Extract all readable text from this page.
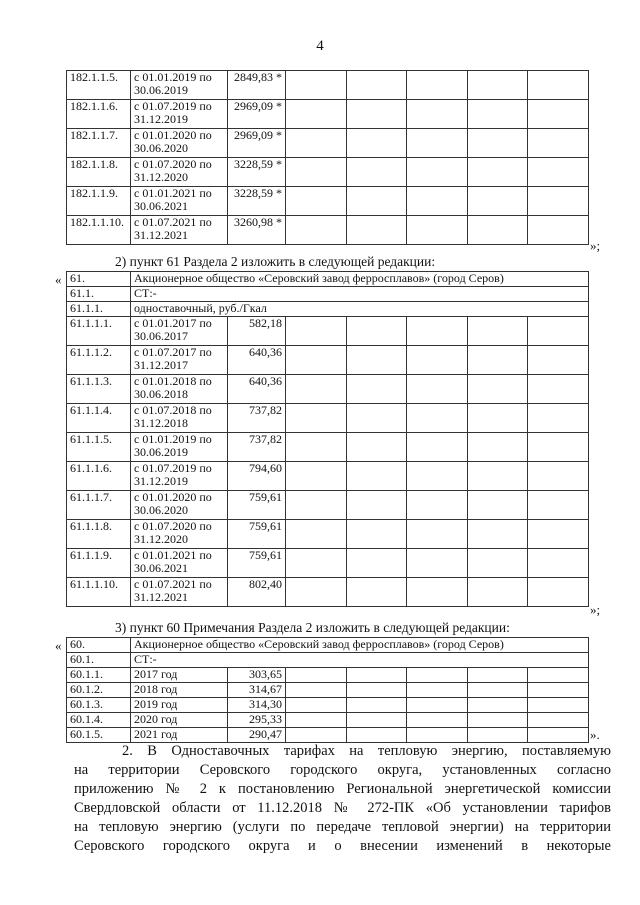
4
182.1.1.5.	с 01.01.2019 по
30.06.2019	2849,83 *					
182.1.1.6.	с 01.07.2019 по
31.12.2019	2969,09 *					
182.1.1.7.	с 01.01.2020 по
30.06.2020	2969,09 *					
182.1.1.8.	с 01.07.2020 по
31.12.2020	3228,59 *					
182.1.1.9.	с 01.01.2021 по
30.06.2021	3228,59 *					
182.1.1.10.	с 01.07.2021 по
31.12.2021	3260,98 *					
»;
2) пункт 61 Раздела 2 изложить в следующей редакции:
« 61.	Акционерное общество «Серовский завод ферросплавов» (город Серов)						
61.1.	СТ:-						
61.1.1.	одноставочный, руб./Гкал						
61.1.1.1.	с 01.01.2017 по
30.06.2017	582,18					
61.1.1.2.	с 01.07.2017 по
31.12.2017	640,36					
61.1.1.3.	с 01.01.2018 по
30.06.2018	640,36					
61.1.1.4.	с 01.07.2018 по
31.12.2018	737,82					
61.1.1.5.	с 01.01.2019 по
30.06.2019	737,82					
61.1.1.6.	с 01.07.2019 по
31.12.2019	794,60					
61.1.1.7.	с 01.01.2020 по
30.06.2020	759,61					
61.1.1.8.	с 01.07.2020 по
31.12.2020	759,61					
61.1.1.9.	с 01.01.2021 по
30.06.2021	759,61					
61.1.1.10.	с 01.07.2021 по
31.12.2021	802,40					
»;
3) пункт 60 Примечания Раздела 2 изложить в следующей редакции:
« 60.	Акционерное общество «Серовский завод ферросплавов» (город Серов)						
60.1.	СТ:-						
60.1.1.	2017 год	303,65					
60.1.2.	2018 год	314,67					
60.1.3.	2019 год	314,30					
60.1.4.	2020 год	295,33					
60.1.5.	2021 год	290,47						».
2. В Одноставочных тарифах на тепловую энергию, поставляемую
на территории Серовского городского округа, установленных согласно
приложению № 2 к постановлению Региональной энергетической комиссии
Свердловской области от 11.12.2018 № 272-ПК «Об установлении тарифов
на тепловую энергию (услуги по передаче тепловой энергии) на территории
Серовского городского округа и о внесении изменений в некоторые
